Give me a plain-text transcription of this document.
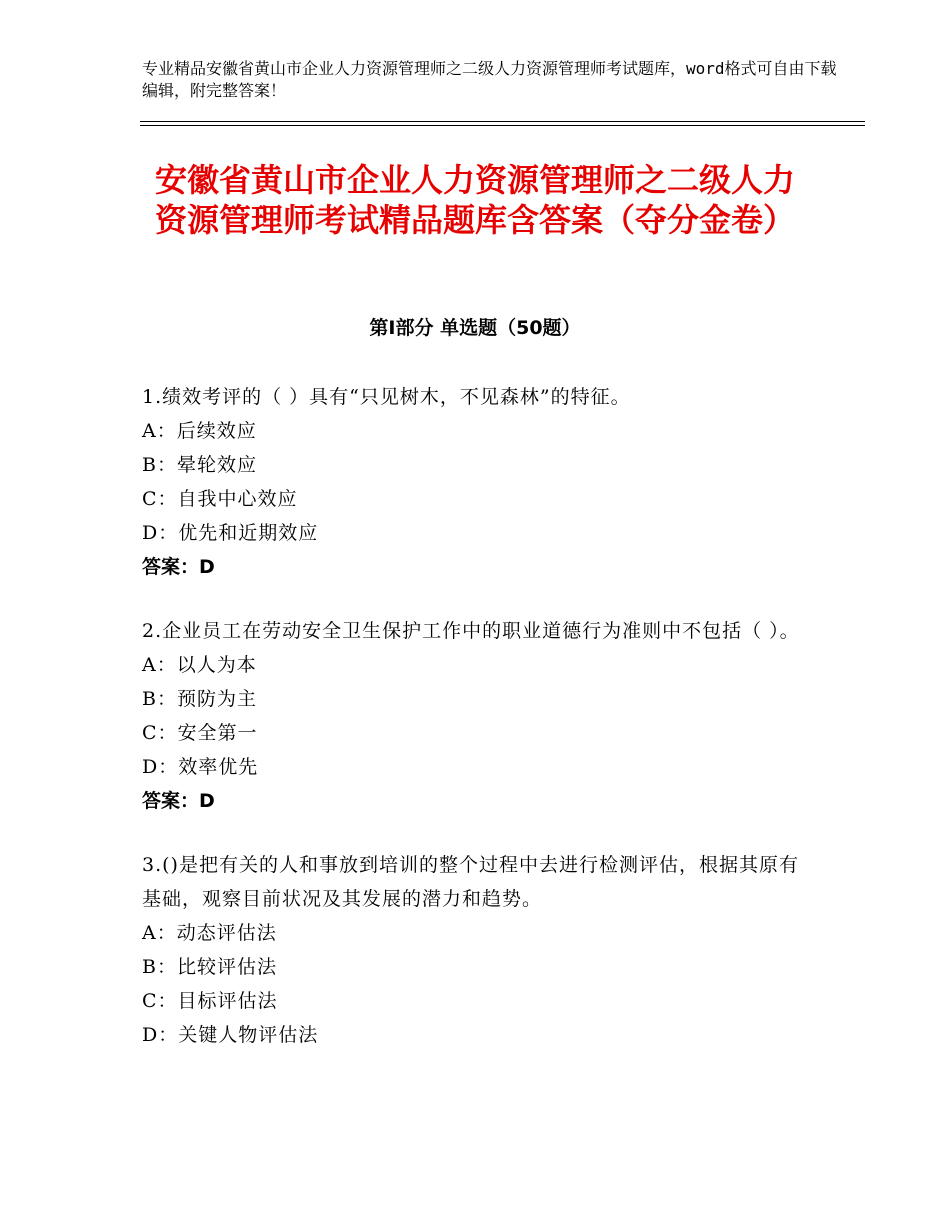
专业精品安徽省黄山市企业人力资源管理师之二级人力资源管理师考试题库，word格式可自由下载编辑，附完整答案！
安徽省黄山市企业人力资源管理师之二级人力资源管理师考试精品题库含答案（夺分金卷）
第Ⅰ部分 单选题（50题）
1.绩效考评的（ ）具有“只见树木，不见森林”的特征。
A：后续效应
B：晕轮效应
C：自我中心效应
D：优先和近期效应
答案：D
2.企业员工在劳动安全卫生保护工作中的职业道德行为准则中不包括（ ）。
A：以人为本
B：预防为主
C：安全第一
D：效率优先
答案：D
3.()是把有关的人和事放到培训的整个过程中去进行检测评估，根据其原有基础，观察目前状况及其发展的潜力和趋势。
A：动态评估法
B：比较评估法
C：目标评估法
D：关键人物评估法
